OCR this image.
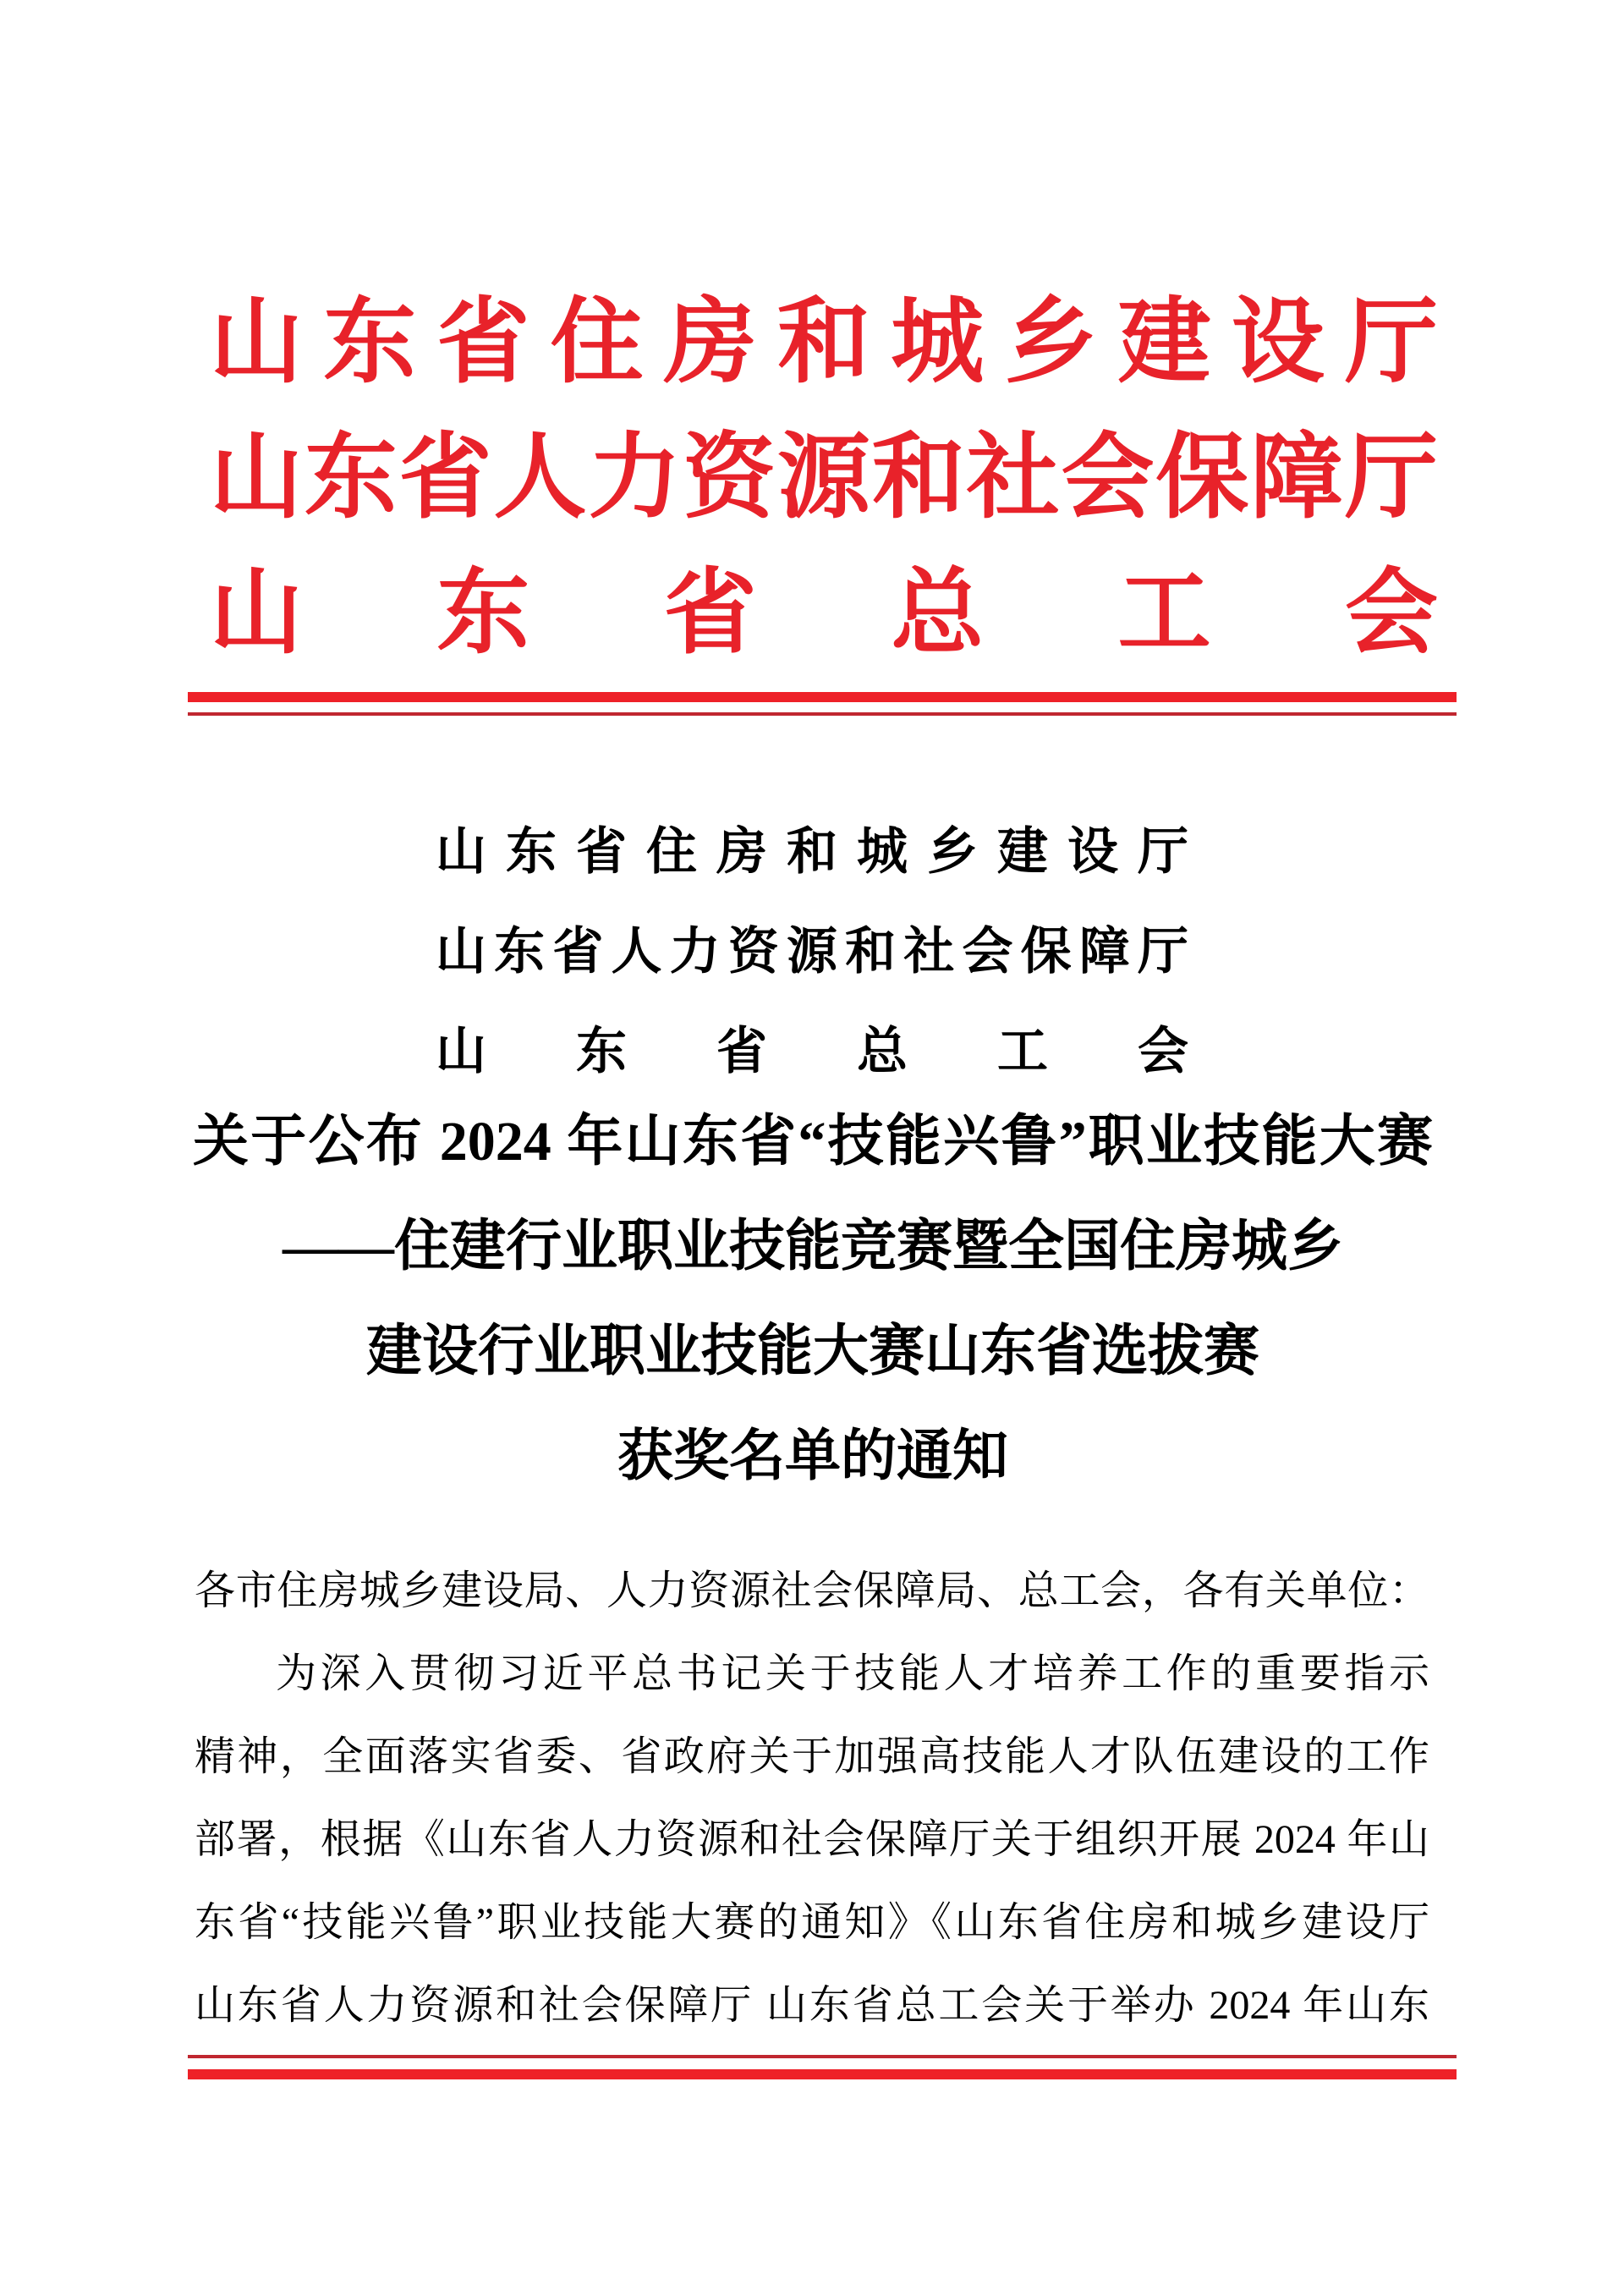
山东省住房和城乡建设厅
山东省人力资源和社会保障厅
山东省总工会
山东省住房和城乡建设厅
山东省人力资源和社会保障厅
山东省总工会
关于公布 2024 年山东省“技能兴鲁”职业技能大赛
——住建行业职业技能竞赛暨全国住房城乡
建设行业职业技能大赛山东省选拔赛
获奖名单的通知
各市住房城乡建设局、人力资源社会保障局、总工会，各有关单位：
为深入贯彻习近平总书记关于技能人才培养工作的重要指示
精神，全面落实省委、省政府关于加强高技能人才队伍建设的工作
部署，根据《山东省人力资源和社会保障厅关于组织开展 2024 年山
东省“技能兴鲁”职业技能大赛的通知》《山东省住房和城乡建设厅
山东省人力资源和社会保障厅 山东省总工会关于举办 2024 年山东
